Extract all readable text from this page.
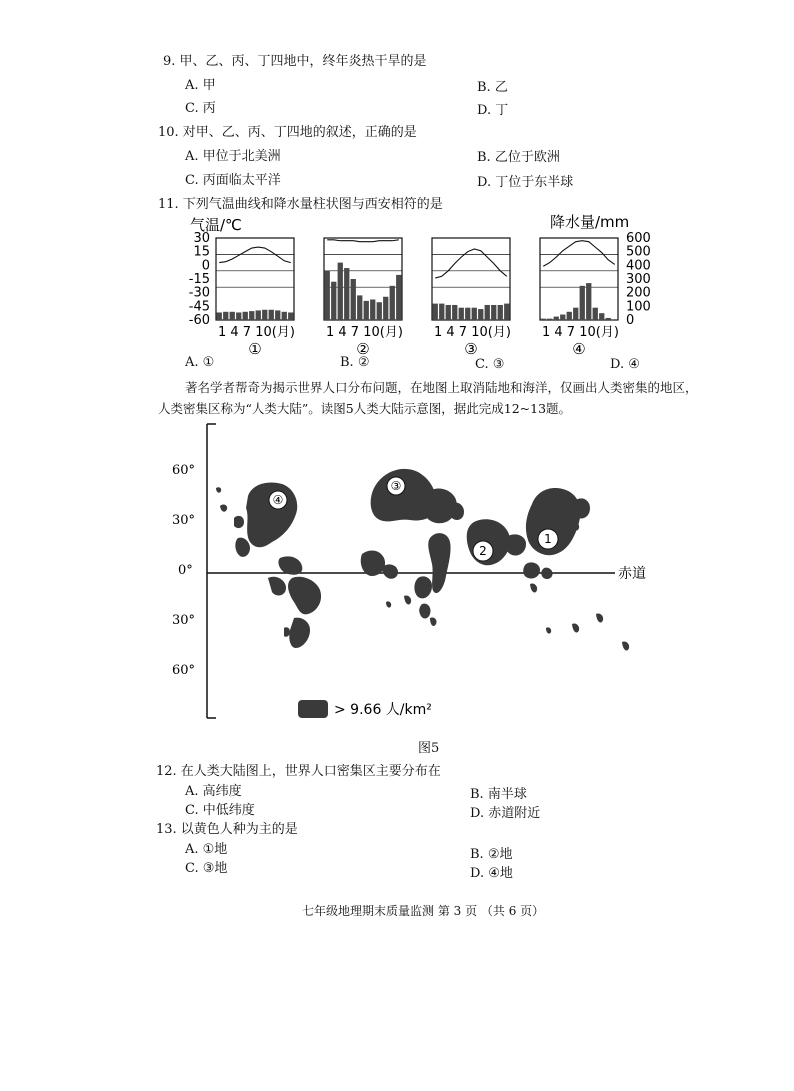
9. 甲、乙、丙、丁四地中，终年炎热干旱的是
A. 甲	B. 乙
C. 丙	D. 丁
10. 对甲、乙、丙、丁四地的叙述，正确的是
A. 甲位于北美洲	B. 乙位于欧洲
C. 丙面临太平洋	D. 丁位于东半球
11. 下列气温曲线和降水量柱状图与西安相符的是
气温/℃	降水量/mm
30
15
0
-15
-30
-45
-60
600
500
400
300
200
100
0
1 4 7 10(月)
①
1 4 7 10(月)
②
1 4 7 10(月)
③
1 4 7 10(月)
④
A. ①	B. ②	C. ③	D. ④
著名学者帮奇为揭示世界人口分布问题，在地图上取消陆地和海洋，仅画出人类密集的地区，
人类密集区称为“人类大陆”。读图5人类大陆示意图，据此完成12~13题。
60°
30°
0°
30°
60°
赤道
④
③
2
1
> 9.66 人/km²
图5
12. 在人类大陆图上，世界人口密集区主要分布在
A. 高纬度	B. 南半球
C. 中低纬度	D. 赤道附近
13. 以黄色人种为主的是
A. ①地	B. ②地
C. ③地	D. ④地
七年级地理期末质量监测 第 3 页 （共 6 页）
